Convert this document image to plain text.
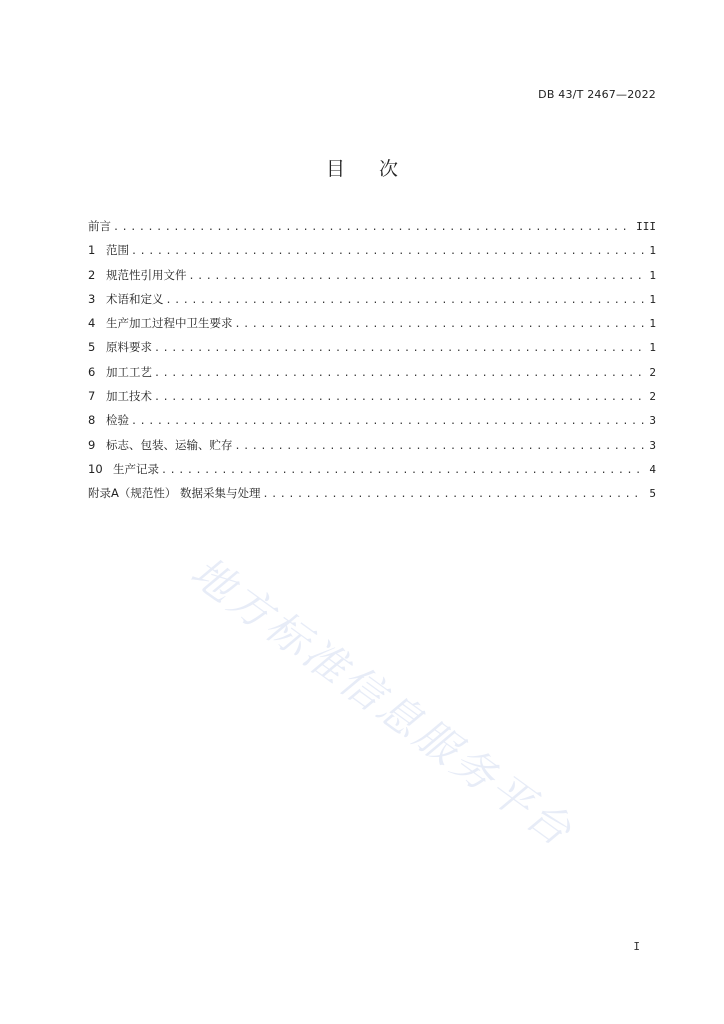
DB 43/T 2467—2022
目次
前言 .....	III
1 范围 .....	1
2 规范性引用文件 .....	1
3 术语和定义 .....	1
4 生产加工过程中卫生要求 .....	1
5 原料要求 .....	1
6 加工工艺 .....	2
7 加工技术 .....	2
8 检验 .....	3
9 标志、包装、运输、贮存 .....	3
10 生产记录 .....	4
附录A（规范性） 数据采集与处理 .....	5
地方标准信息服务平台
I
